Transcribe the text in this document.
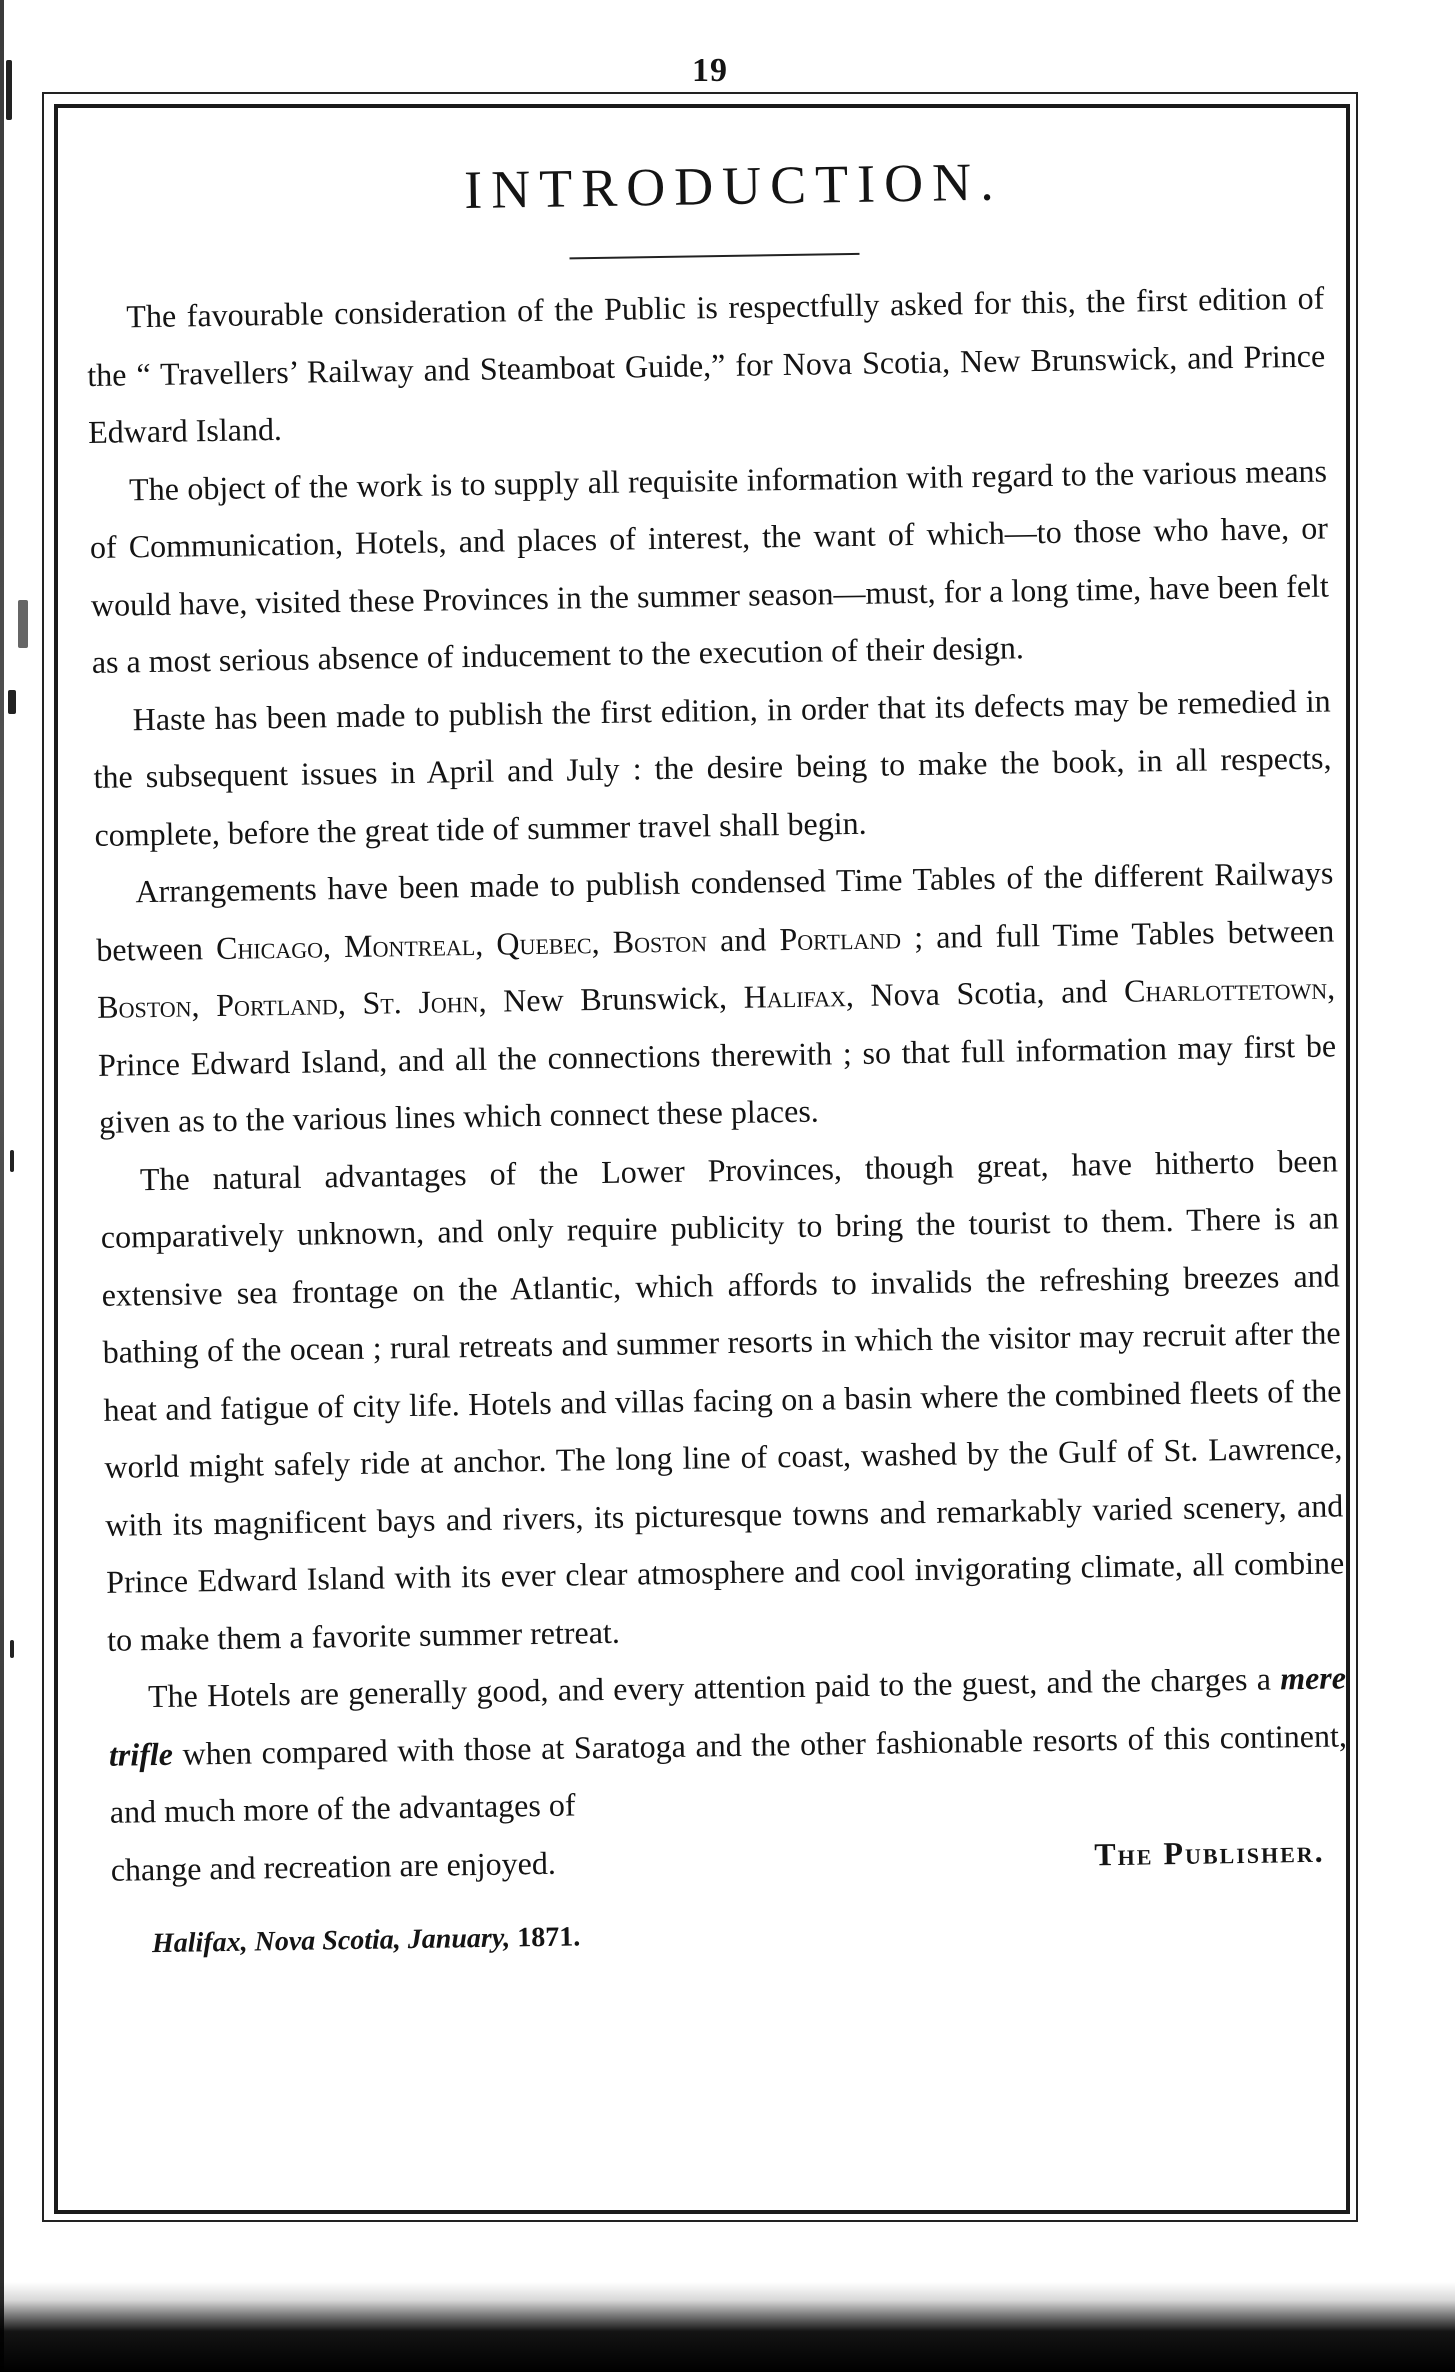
19
INTRODUCTION.

The favourable consideration of the Public is respectfully asked for this, the first edition of the “ Travellers’ Railway and Steamboat Guide,” for Nova Scotia, New Brunswick, and Prince Edward Island.

The object of the work is to supply all requisite information with regard to the various means of Communication, Hotels, and places of interest, the want of which—to those who have, or would have, visited these Provinces in the summer season—must, for a long time, have been felt as a most serious absence of inducement to the execution of their design.

Haste has been made to publish the first edition, in order that its defects may be remedied in the subsequent issues in April and July : the desire being to make the book, in all respects, complete, before the great tide of summer travel shall begin.

Arrangements have been made to publish condensed Time Tables of the different Railways between Chicago, Montreal, Quebec, Boston and Portland ; and full Time Tables between Boston, Portland, St. John, New Brunswick, Halifax, Nova Scotia, and Charlottetown, Prince Edward Island, and all the connections therewith ; so that full information may first be given as to the various lines which connect these places.

The natural advantages of the Lower Provinces, though great, have hitherto been comparatively unknown, and only require publicity to bring the tourist to them. There is an extensive sea frontage on the Atlantic, which affords to invalids the refreshing breezes and bathing of the ocean ; rural retreats and summer resorts in which the visitor may recruit after the heat and fatigue of city life. Hotels and villas facing on a basin where the combined fleets of the world might safely ride at anchor. The long line of coast, washed by the Gulf of St. Lawrence, with its magnificent bays and rivers, its picturesque towns and remarkably varied scenery, and Prince Edward Island with its ever clear atmosphere and cool invigorating climate, all combine to make them a favorite summer retreat.

The Hotels are generally good, and every attention paid to the guest, and the charges a mere trifle when compared with those at Saratoga and the other fashionable resorts of this continent, and much more of the advantages of

change and recreation are enjoyed.	The Publisher.
Halifax, Nova Scotia, January, 1871.
